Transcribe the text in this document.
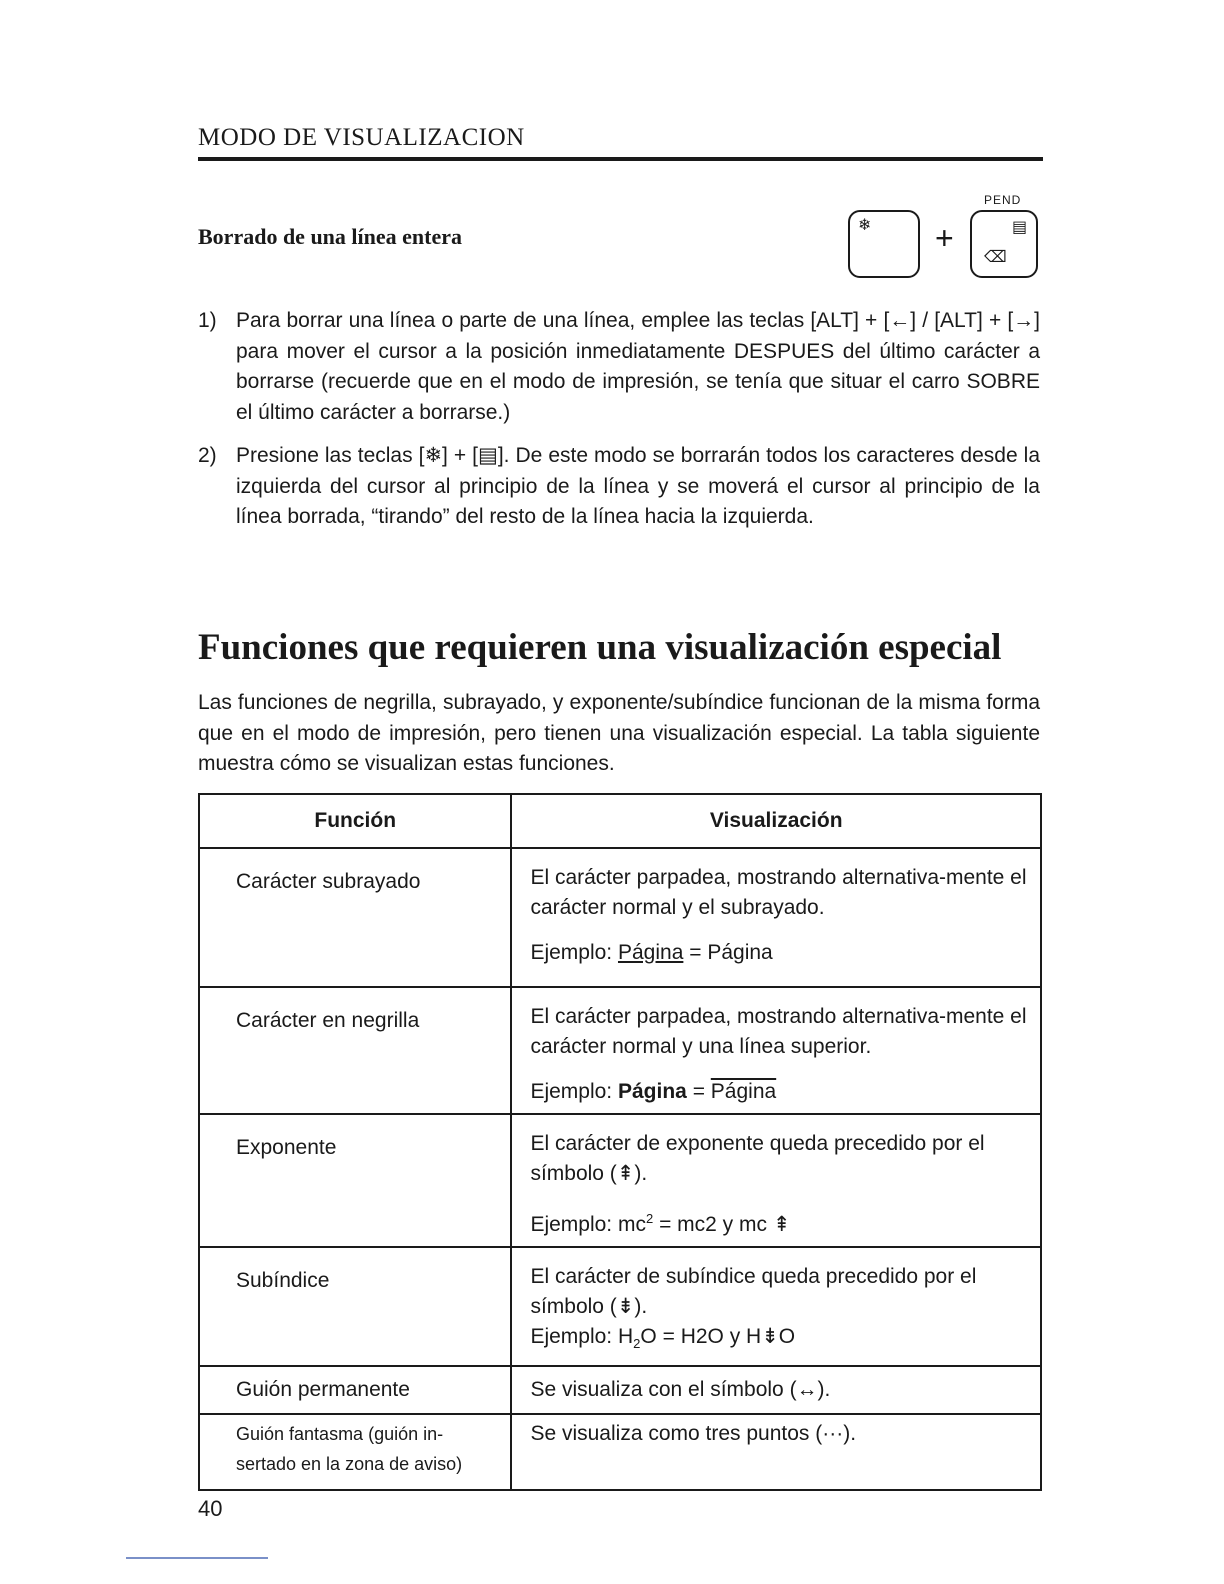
MODO DE VISUALIZACION
Borrado de una línea entera
PEND
❄ +	▤
⌫
1) Para borrar una línea o parte de una línea, emplee las teclas [ALT] + [←] / [ALT] + [→] para mover el cursor a la posición inmediatamente DESPUES del último carácter a borrarse (recuerde que en el modo de impresión, se tenía que situar el carro SOBRE el último carácter a borrarse.)
2) Presione las teclas [❄] + [▤]. De este modo se borrarán todos los caracteres desde la izquierda del cursor al principio de la línea y se moverá el cursor al principio de la línea borrada, “tirando” del resto de la línea hacia la izquierda.
Funciones que requieren una visualización especial
Las funciones de negrilla, subrayado, y exponente/subíndice funcionan de la misma forma que en el modo de impresión, pero tienen una visualización especial. La tabla siguiente muestra cómo se visualizan estas funciones.
Función	Visualización
Carácter subrayado	El carácter parpadea, mostrando alternativa-mente el carácter normal y el subrayado.
Ejemplo: Página = Página

Carácter en negrilla	El carácter parpadea, mostrando alternativa-mente el carácter normal y una línea superior.
Ejemplo: Página = Página

Exponente	El carácter de exponente queda precedido por el símbolo (⇞).
Ejemplo: $mc^2 = mc2$ y mc ⇞

Subíndice	El carácter de subíndice queda precedido por el símbolo (⇟).
Ejemplo: $H_2O = H2O$ y H⇟O

Guión permanente	Se visualiza con el símbolo (↔).

Guión fantasma (guión in-sertado en la zona de aviso)	Se visualiza como tres puntos (···).
40
